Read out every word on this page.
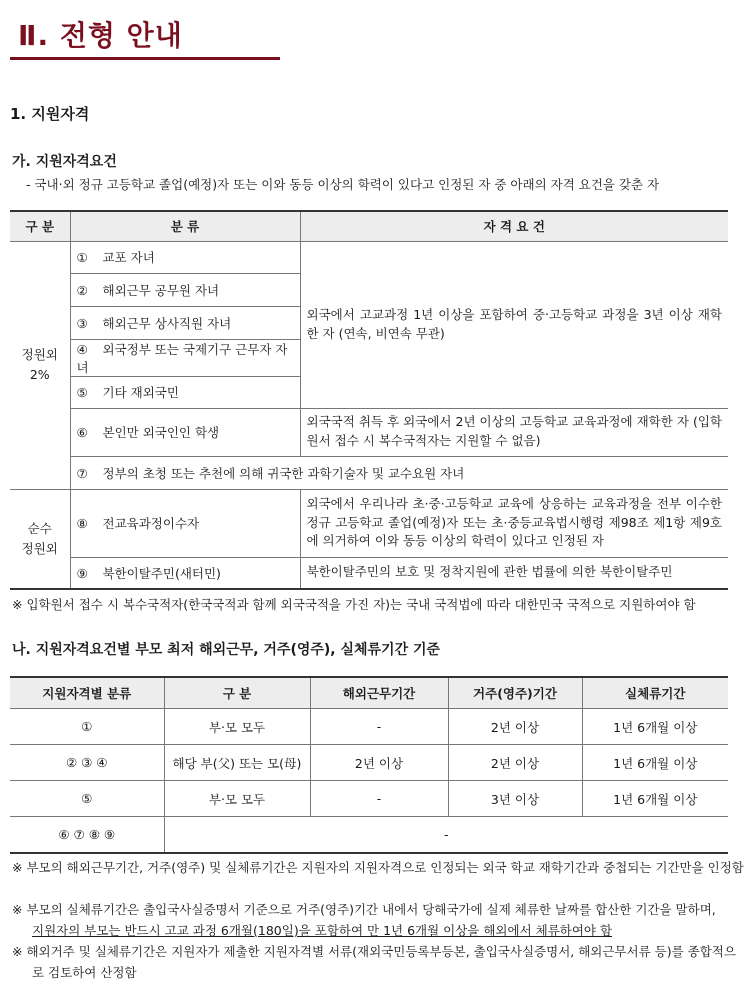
Ⅱ. 전형 안내
1. 지원자격
가. 지원자격요건

- 국내‧외 정규 고등학교 졸업(예정)자 또는 이와 동등 이상의 학력이 있다고 인정된 자 중 아래의 자격 요건을 갖춘 자

구 분	분 류	자 격 요 건
정원외
2%	① 교포 자녀	외국에서 고교과정 1년 이상을 포함하여 중‧고등학교 과정을 3년 이상 재학한 자 (연속, 비연속 무관)
	② 해외근무 공무원 자녀	
	③ 해외근무 상사직원 자녀	
	④ 외국정부 또는 국제기구 근무자 자녀	
	⑤ 기타 재외국민	
	⑥ 본인만 외국인인 학생	외국국적 취득 후 외국에서 2년 이상의 고등학교 교육과정에 재학한 자 (입학원서 접수 시 복수국적자는 지원할 수 없음)
	⑦ 정부의 초청 또는 추천에 의해 귀국한 과학기술자 및 교수요원 자녀	
순수
정원외	⑧ 전교육과정이수자	외국에서 우리나라 초·중·고등학교 교육에 상응하는 교육과정을 전부 이수한 정규 고등학교 졸업(예정)자 또는 초·중등교육법시행령 제98조 제1항 제9호에 의거하여 이와 동등 이상의 학력이 있다고 인정된 자
	⑨ 북한이탈주민(새터민)	북한이탈주민의 보호 및 정착지원에 관한 법률에 의한 북한이탈주민

※ 입학원서 접수 시 복수국적자(한국국적과 함께 외국국적을 가진 자)는 국내 국적법에 따라 대한민국 국적으로 지원하여야 함

나. 지원자격요건별 부모 최저 해외근무, 거주(영주), 실체류기간 기준
지원자격별 분류	구 분	해외근무기간	거주(영주)기간	실체류기간
①	부‧모 모두	-	2년 이상	1년 6개월 이상
② ③ ④	해당 부(父) 또는 모(母)	2년 이상	2년 이상	1년 6개월 이상
⑤	부‧모 모두	-	3년 이상	1년 6개월 이상
⑥ ⑦ ⑧ ⑨	-			

※ 부모의 해외근무기간, 거주(영주) 및 실체류기간은 지원자의 지원자격으로 인정되는 외국 학교 재학기간과 중첩되는 기간만을 인정함

※ 부모의 실체류기간은 출입국사실증명서 기준으로 거주(영주)기간 내에서 당해국가에 실제 체류한 날짜를 합산한 기간을 말하며,

지원자의 부모는 반드시 고교 과정 6개월(180일)을 포함하여 만 1년 6개월 이상을 해외에서 체류하여야 함

※ 해외거주 및 실체류기간은 지원자가 제출한 지원자격별 서류(재외국민등록부등본, 출입국사실증명서, 해외근무서류 등)를 종합적으로 검토하여 산정함
